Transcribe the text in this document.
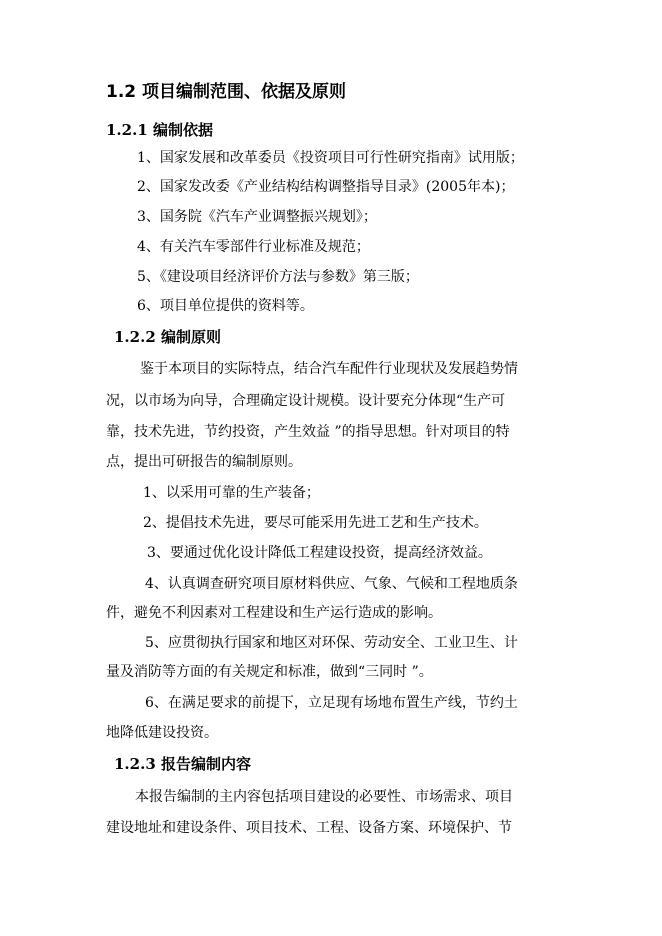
1.2 项目编制范围、依据及原则
1.2.1 编制依据
1、国家发展和改革委员《投资项目可行性研究指南》试用版；
2、国家发改委《产业结构结构调整指导目录》(2005年本)；
3、国务院《汽车产业调整振兴规划》；
4、有关汽车零部件行业标准及规范；
5、《建设项目经济评价方法与参数》第三版；
6、项目单位提供的资料等。
1.2.2 编制原则
鉴于本项目的实际特点，结合汽车配件行业现状及发展趋势情
况，以市场为向导，合理确定设计规模。设计要充分体现“生产可
靠，技术先进，节约投资，产生效益 ”的指导思想。针对项目的特
点，提出可研报告的编制原则。
1、以采用可靠的生产装备；
2、提倡技术先进，要尽可能采用先进工艺和生产技术。
3、要通过优化设计降低工程建设投资，提高经济效益。
4、认真调查研究项目原材料供应、气象、气候和工程地质条
件，避免不利因素对工程建设和生产运行造成的影响。
5、应贯彻执行国家和地区对环保、劳动安全、工业卫生、计
量及消防等方面的有关规定和标准，做到“三同时 ”。
6、在满足要求的前提下，立足现有场地布置生产线，节约土
地降低建设投资。
1.2.3 报告编制内容
本报告编制的主内容包括项目建设的必要性、市场需求、项目
建设地址和建设条件、项目技术、工程、设备方案、环境保护、节
